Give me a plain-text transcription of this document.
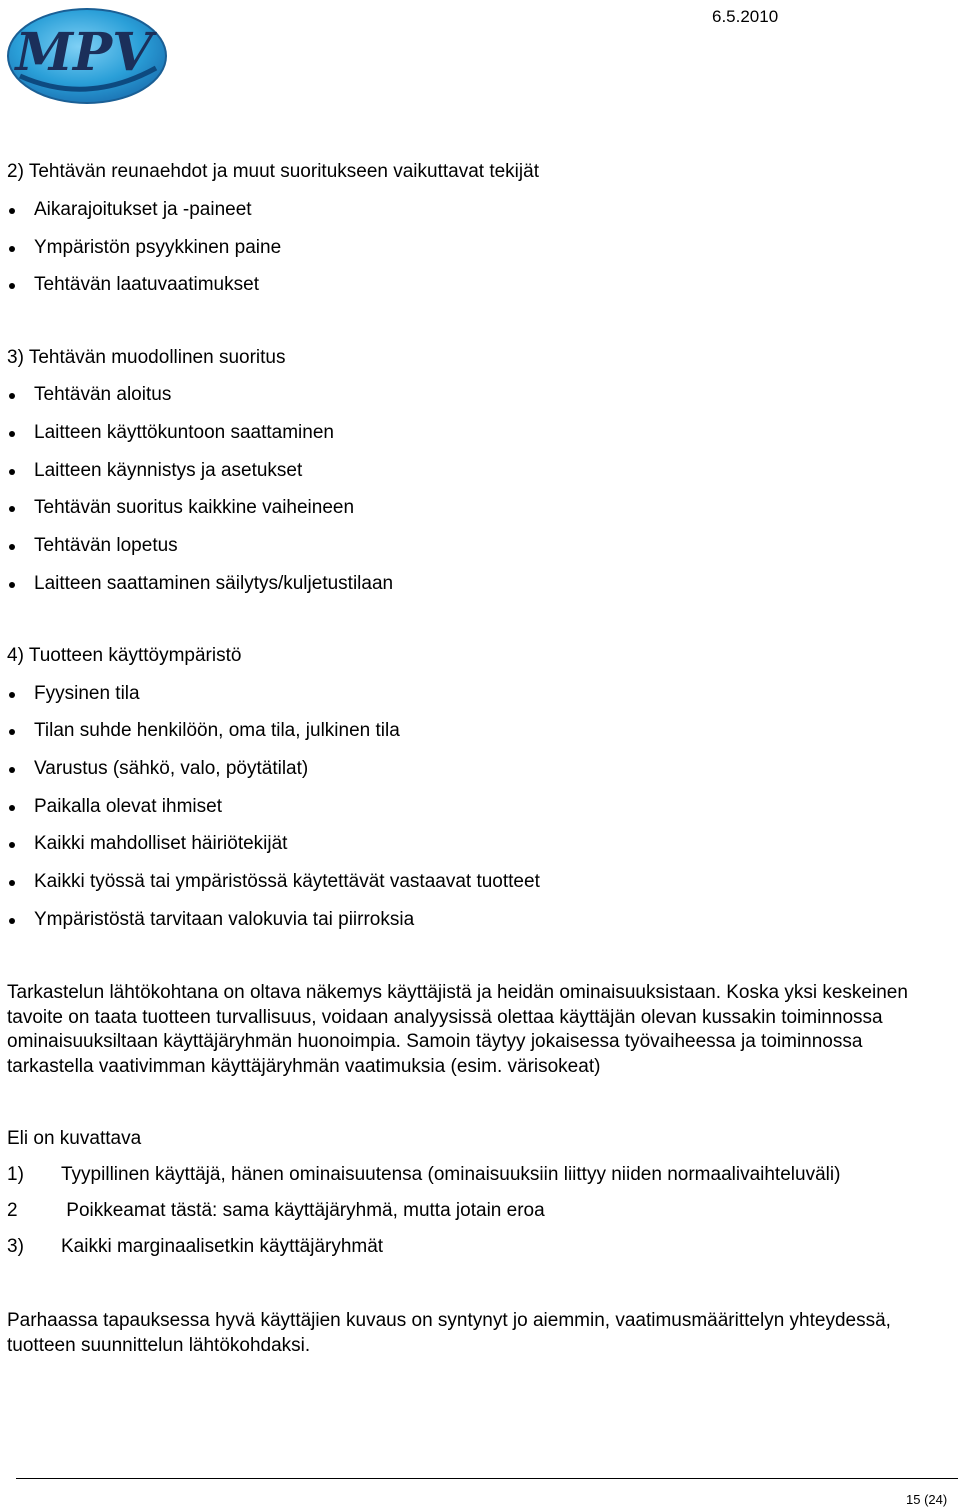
MPV
6.5.2010
2) Tehtävän reunaehdot ja muut suoritukseen vaikuttavat tekijät
Aikarajoitukset ja -paineet
Ympäristön psyykkinen paine
Tehtävän laatuvaatimukset
3) Tehtävän muodollinen suoritus
Tehtävän aloitus
Laitteen käyttökuntoon saattaminen
Laitteen käynnistys ja asetukset
Tehtävän suoritus kaikkine vaiheineen
Tehtävän lopetus
Laitteen saattaminen säilytys/kuljetustilaan
4) Tuotteen käyttöympäristö
Fyysinen tila
Tilan suhde henkilöön, oma tila, julkinen tila
Varustus (sähkö, valo, pöytätilat)
Paikalla olevat ihmiset
Kaikki mahdolliset häiriötekijät
Kaikki työssä tai ympäristössä käytettävät vastaavat tuotteet
Ympäristöstä tarvitaan valokuvia tai piirroksia
Tarkastelun lähtökohtana on oltava näkemys käyttäjistä ja heidän ominaisuuksistaan. Koska yksi keskeinen tavoite on taata tuotteen turvallisuus, voidaan analyysissä olettaa käyttäjän olevan kussakin toiminnossa ominaisuuksiltaan käyttäjäryhmän huonoimpia. Samoin täytyy jokaisessa työvaiheessa ja toiminnossa tarkastella vaativimman käyttäjäryhmän vaatimuksia (esim. värisokeat)
Eli on kuvattava
1) Tyypillinen käyttäjä, hänen ominaisuutensa (ominaisuuksiin liittyy niiden normaalivaihteluväli)
2 Poikkeamat tästä: sama käyttäjäryhmä, mutta jotain eroa
3) Kaikki marginaalisetkin käyttäjäryhmät
Parhaassa tapauksessa hyvä käyttäjien kuvaus on syntynyt jo aiemmin, vaatimusmäärittelyn yhteydessä, tuotteen suunnittelun lähtökohdaksi.
15 (24)
